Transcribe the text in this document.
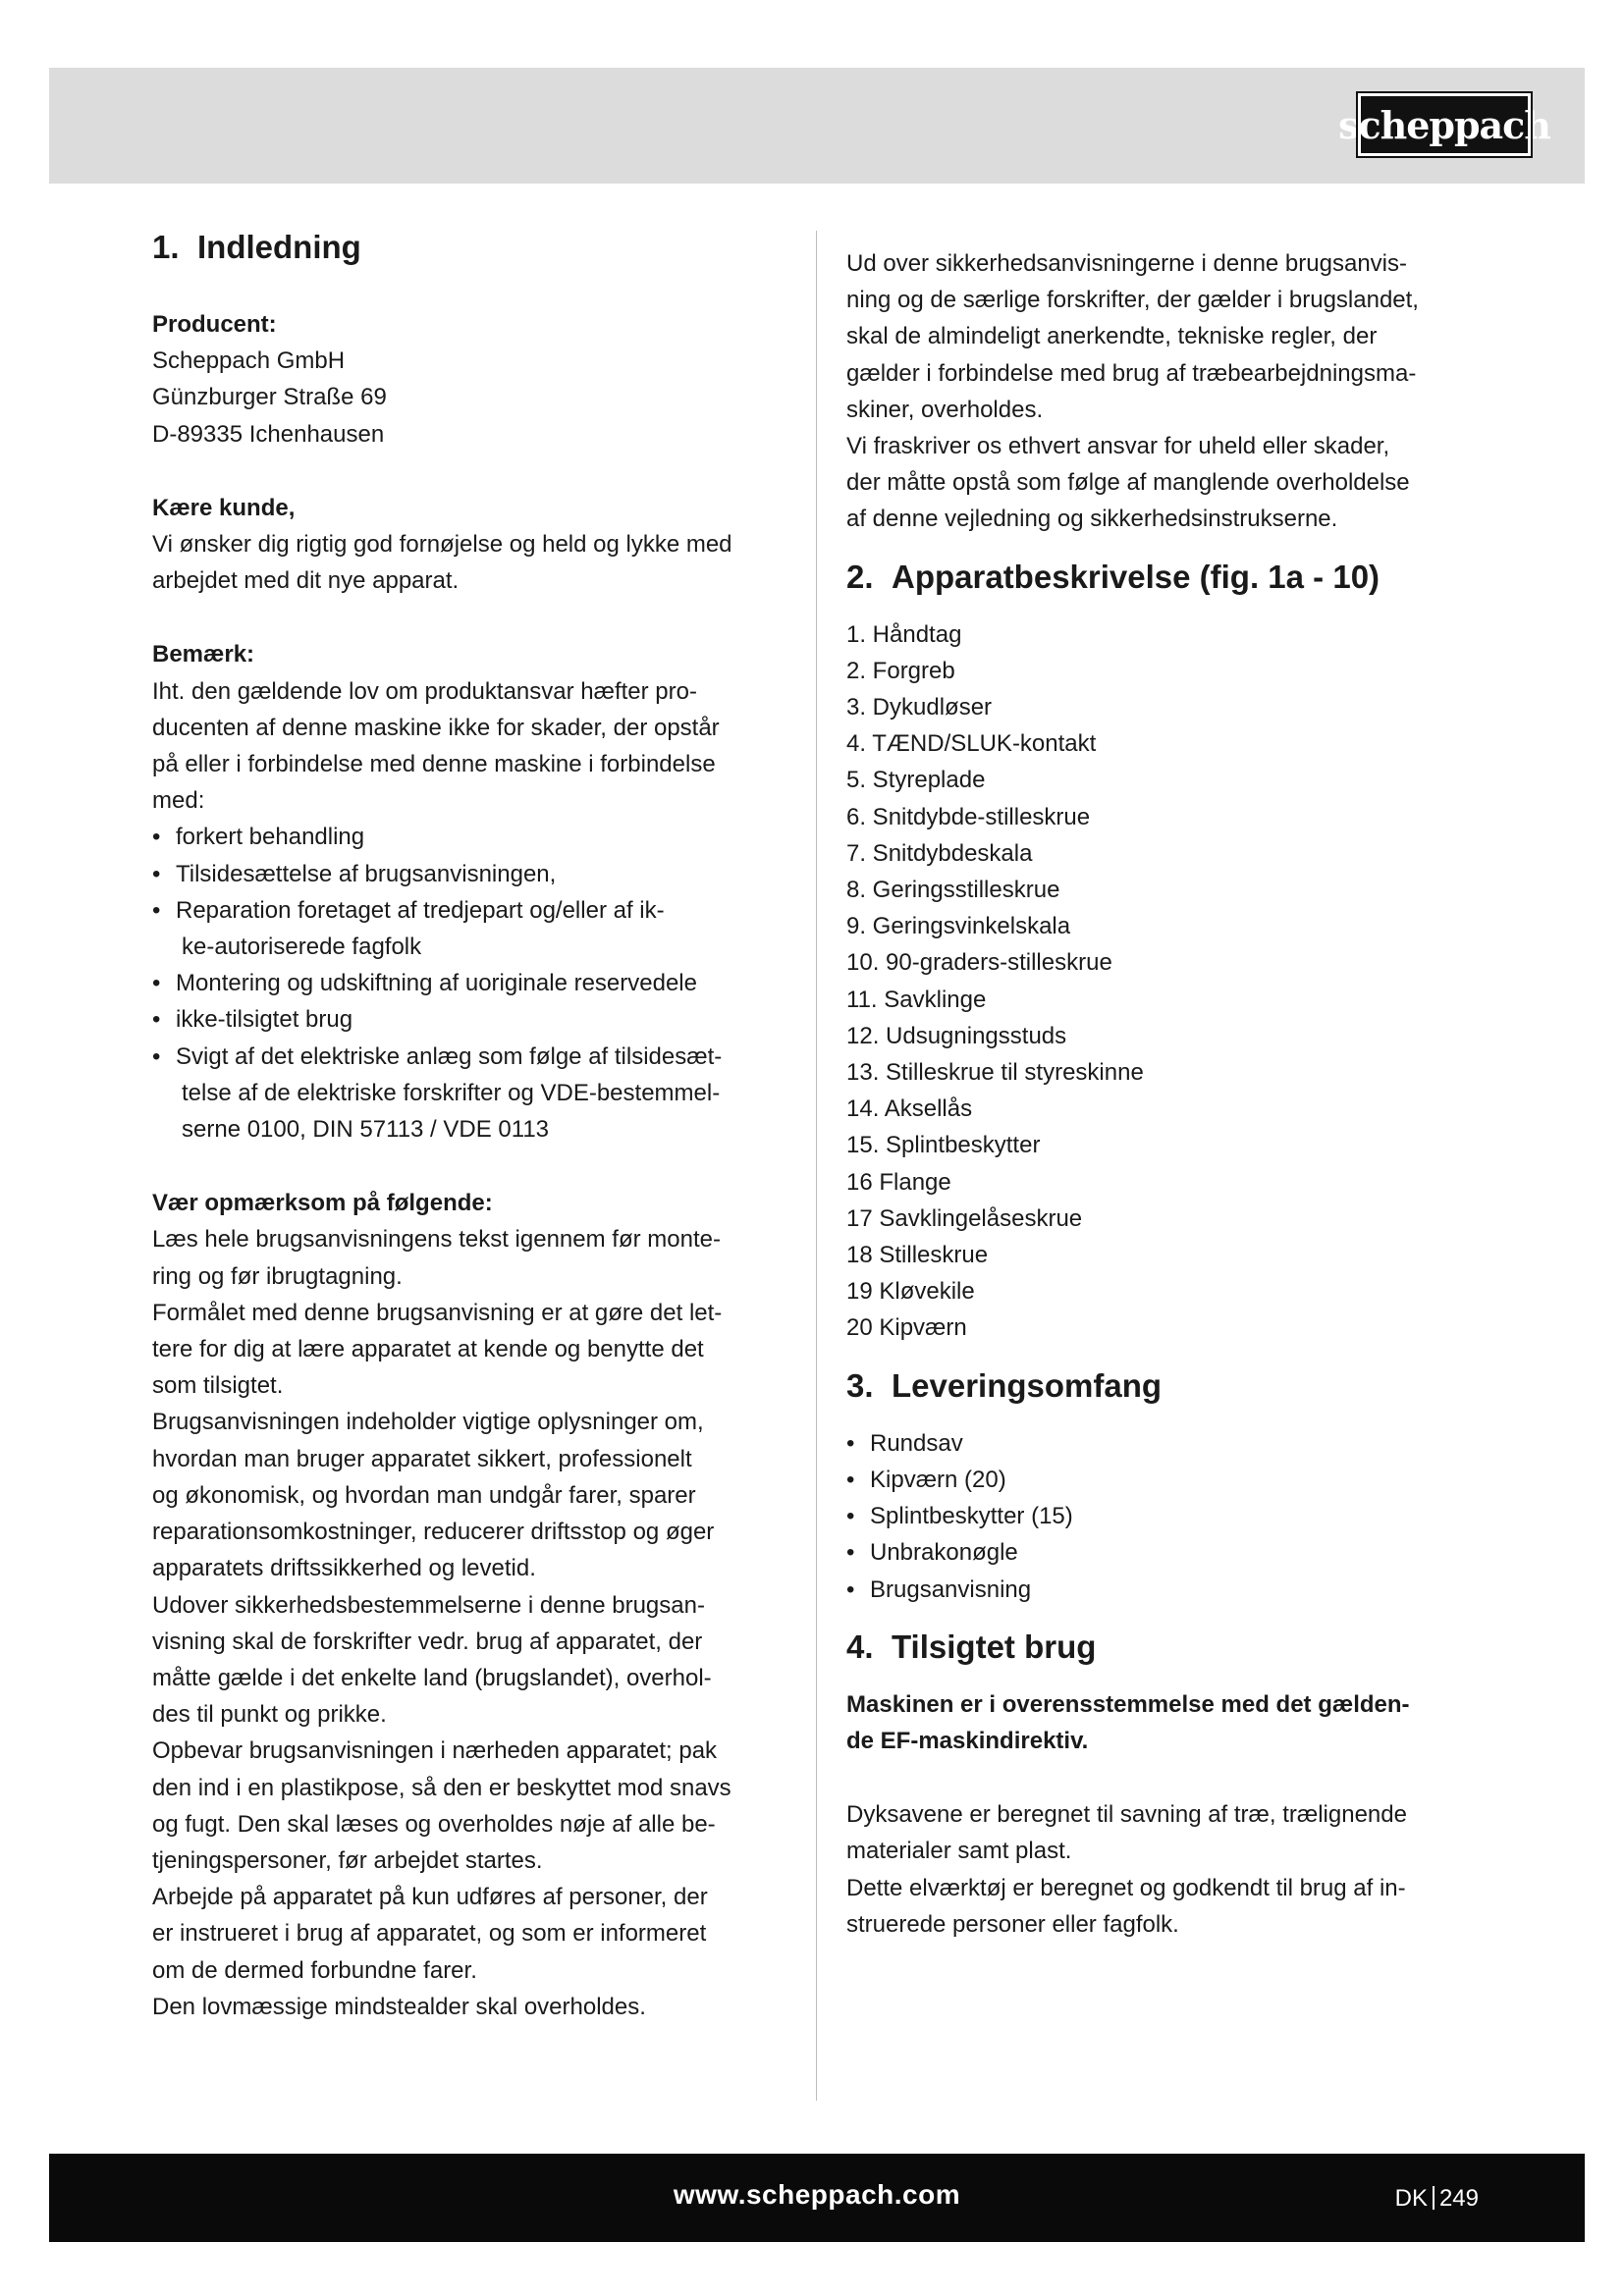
scheppach
1. Indledning

Producent:

Scheppach GmbH

Günzburger Straße 69

D-89335 Ichenhausen

Kære kunde,

Vi ønsker dig rigtig god fornøjelse og held og lykke med

arbejdet med dit nye apparat.

Bemærk:

Iht. den gældende lov om produktansvar hæfter pro-

ducenten af denne maskine ikke for skader, der opstår

på eller i forbindelse med denne maskine i forbindelse

med:

• forkert behandling
• Tilsidesættelse af brugsanvisningen,
• Reparation foretaget af tredjepart og/eller af ik-
ke-autoriserede fagfolk
• Montering og udskiftning af uoriginale reservedele
• ikke-tilsigtet brug
• Svigt af det elektriske anlæg som følge af tilsidesæt-
telse af de elektriske forskrifter og VDE-bestemmel-
serne 0100, DIN 57113 / VDE 0113

Vær opmærksom på følgende:

Læs hele brugsanvisningens tekst igennem før monte-

ring og før ibrugtagning.

Formålet med denne brugsanvisning er at gøre det let-

tere for dig at lære apparatet at kende og benytte det

som tilsigtet.

Brugsanvisningen indeholder vigtige oplysninger om,

hvordan man bruger apparatet sikkert, professionelt

og økonomisk, og hvordan man undgår farer, sparer

reparationsomkostninger, reducerer driftsstop og øger

apparatets driftssikkerhed og levetid.

Udover sikkerhedsbestemmelserne i denne brugsan-

visning skal de forskrifter vedr. brug af apparatet, der

måtte gælde i det enkelte land (brugslandet), overhol-

des til punkt og prikke.

Opbevar brugsanvisningen i nærheden apparatet; pak

den ind i en plastikpose, så den er beskyttet mod snavs

og fugt. Den skal læses og overholdes nøje af alle be-

tjeningspersoner, før arbejdet startes.

Arbejde på apparatet på kun udføres af personer, der

er instrueret i brug af apparatet, og som er informeret

om de dermed forbundne farer.

Den lovmæssige mindstealder skal overholdes.

Ud over sikkerhedsanvisningerne i denne brugsanvis-

ning og de særlige forskrifter, der gælder i brugslandet,

skal de almindeligt anerkendte, tekniske regler, der

gælder i forbindelse med brug af træbearbejdningsma-

skiner, overholdes.

Vi fraskriver os ethvert ansvar for uheld eller skader,

der måtte opstå som følge af manglende overholdelse

af denne vejledning og sikkerhedsinstrukserne.

2. Apparatbeskrivelse (fig. 1a - 10)
1. Håndtag
2. Forgreb
3. Dykudløser
4. TÆND/SLUK-kontakt
5. Styreplade
6. Snitdybde-stilleskrue
7. Snitdybdeskala
8. Geringsstilleskrue
9. Geringsvinkelskala
10. 90-graders-stilleskrue
11. Savklinge
12. Udsugningsstuds
13. Stilleskrue til styreskinne
14. Aksellås
15. Splintbeskytter
16 Flange
17 Savklingelåseskrue
18 Stilleskrue
19 Kløvekile
20 Kipværn
3. Leveringsomfang
• Rundsav
• Kipværn (20)
• Splintbeskytter (15)
• Unbrakonøgle
• Brugsanvisning
4. Tilsigtet brug

Maskinen er i overensstemmelse med det gælden-

de EF-maskindirektiv.

Dyksavene er beregnet til savning af træ, trælignende

materialer samt plast.

Dette elværktøj er beregnet og godkendt til brug af in-

struerede personer eller fagfolk.

www.scheppach.com	DK 249
